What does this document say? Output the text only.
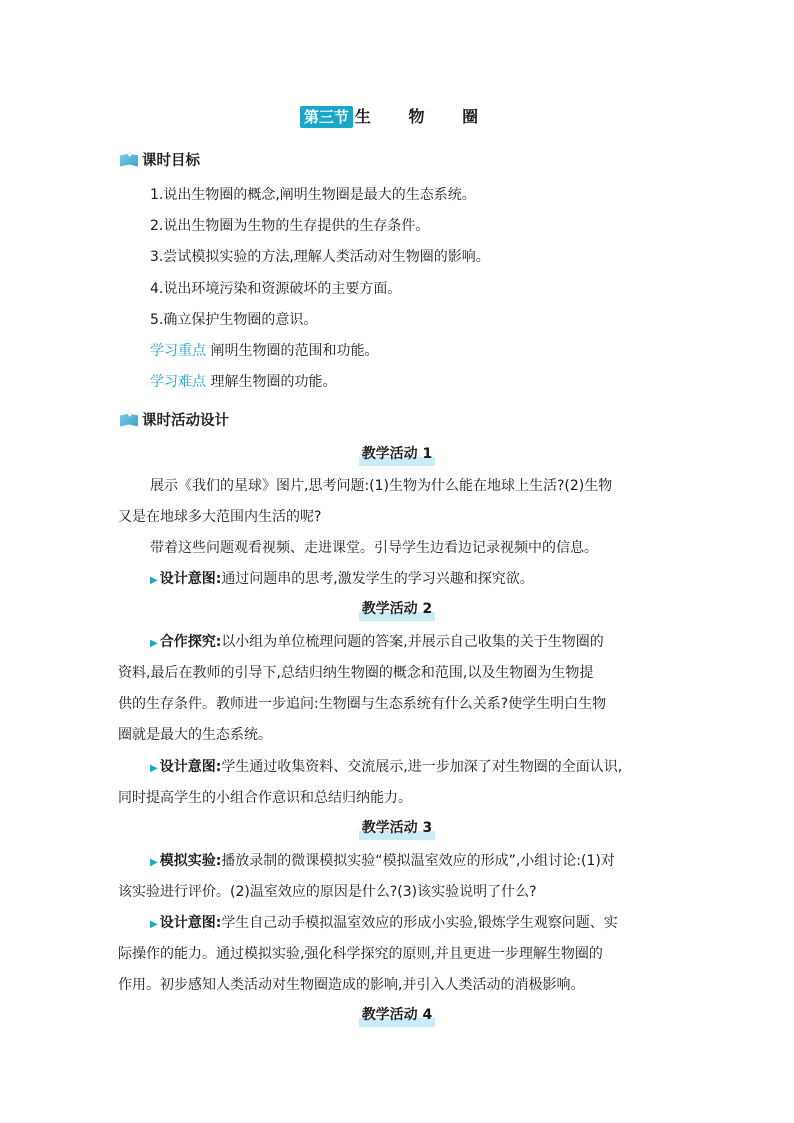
第三节 生 物 圈
✦ 课时目标
1.说出生物圈的概念,阐明生物圈是最大的生态系统。
2.说出生物圈为生物的生存提供的生存条件。
3.尝试模拟实验的方法,理解人类活动对生物圈的影响。
4.说出环境污染和资源破坏的主要方面。
5.确立保护生物圈的意识。
学习重点 阐明生物圈的范围和功能。
学习难点 理解生物圈的功能。
✦ 课时活动设计
教学活动 1
展示《我们的星球》图片,思考问题:(1)生物为什么能在地球上生活?(2)生物
又是在地球多大范围内生活的呢?
带着这些问题观看视频、走进课堂。引导学生边看边记录视频中的信息。
▶ 设计意图:通过问题串的思考,激发学生的学习兴趣和探究欲。
教学活动 2
▶ 合作探究:以小组为单位梳理问题的答案,并展示自己收集的关于生物圈的
资料,最后在教师的引导下,总结归纳生物圈的概念和范围,以及生物圈为生物提
供的生存条件。教师进一步追问:生物圈与生态系统有什么关系?使学生明白生物
圈就是最大的生态系统。
▶ 设计意图:学生通过收集资料、交流展示,进一步加深了对生物圈的全面认识,
同时提高学生的小组合作意识和总结归纳能力。
教学活动 3
▶ 模拟实验:播放录制的微课模拟实验“模拟温室效应的形成”,小组讨论:(1)对
该实验进行评价。(2)温室效应的原因是什么?(3)该实验说明了什么?
▶ 设计意图:学生自己动手模拟温室效应的形成小实验,锻炼学生观察问题、实
际操作的能力。通过模拟实验,强化科学探究的原则,并且更进一步理解生物圈的
作用。初步感知人类活动对生物圈造成的影响,并引入人类活动的消极影响。
教学活动 4
